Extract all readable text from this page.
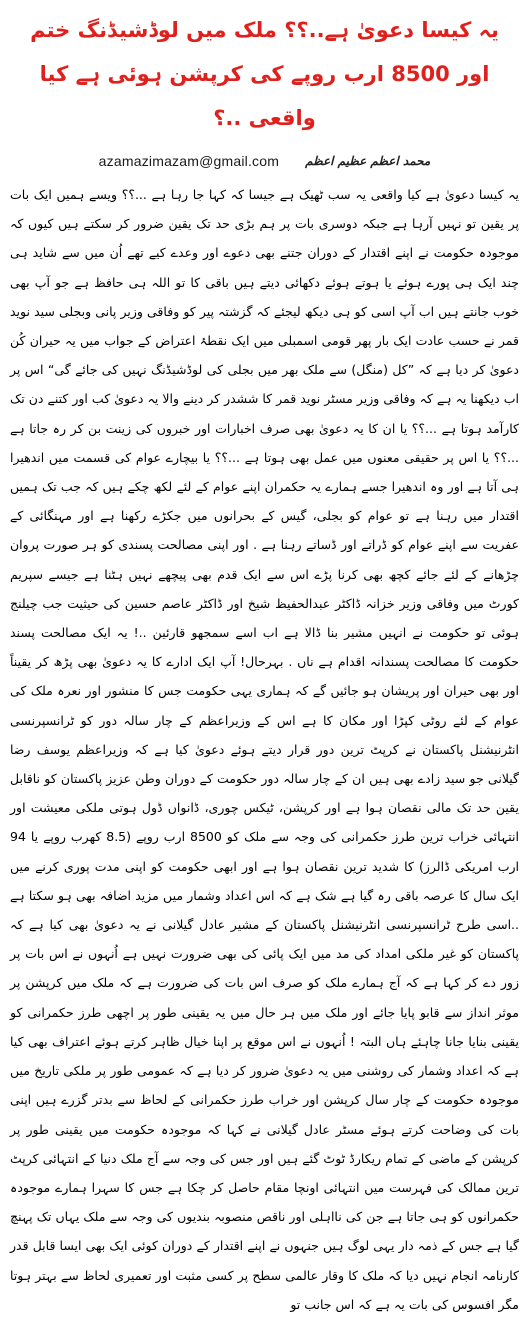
یہ کیسا دعویٰ ہے..؟؟ ملک میں لوڈشیڈنگ ختم اور 8500 ارب روپے کی کرپشن ہوئی ہے کیا واقعی ..؟
azamazimazam@gmail.com محمد اعظم عظیم اعظم

یہ کیسا دعویٰ ہے کیا واقعی یہ سب ٹھیک ہے جیسا کہ کہا جا رہا ہے ...؟؟ ویسے ہمیں ایک بات پر یقین تو نہیں آرہا ہے جبکہ دوسری بات پر ہم بڑی حد تک یقین ضرور کر سکتے ہیں کیوں کہ موجودہ حکومت نے اپنے اقتدار کے دوران جتنے بھی دعوے اور وعدے کیے تھے اُن میں سے شاید ہی چند ایک ہی پورے ہوئے یا ہوتے ہوئے دکھائی دیتے ہیں باقی کا تو اللہ ہی حافظ ہے جو آپ بھی خوب جانتے ہیں اب آپ اسی کو ہی دیکھ لیجئے کہ گزشتہ پیر کو وفاقی وزیر پانی وبجلی سید نوید قمر نے حسب عادت ایک بار پھر قومی اسمبلی میں ایک نقطۂ اعتراض کے جواب میں یہ حیران کُن دعویٰ کر دیا ہے کہ ”کل (منگل) سے ملک بھر میں بجلی کی لوڈشیڈنگ نہیں کی جائے گی“ اس پر اب دیکھنا یہ ہے کہ وفاقی وزیر مسٹر نوید قمر کا ششدر کر دینے والا یہ دعویٰ کب اور کتنے دن تک کارآمد ہوتا ہے ...؟؟ یا ان کا یہ دعویٰ بھی صرف اخبارات اور خبروں کی زینت بن کر رہ جاتا ہے ...؟؟ یا اس پر حقیقی معنوں میں عمل بھی ہوتا ہے ...؟؟ یا بیچارے عوام کی قسمت میں اندھیرا ہی آتا ہے اور وہ اندھیرا جسے ہمارے یہ حکمران اپنے عوام کے لئے لکھ چکے ہیں کہ جب تک ہمیں اقتدار میں رہنا ہے تو عوام کو بجلی، گیس کے بحرانوں میں جکڑے رکھنا ہے اور مہنگائی کے عفریت سے اپنے عوام کو ڈراتے اور ڈساتے رہنا ہے . اور اپنی مصالحت پسندی کو ہر صورت پروان چڑھانے کے لئے جائے کچھ بھی کرنا پڑے اس سے ایک قدم بھی پیچھے نہیں ہٹنا ہے جیسے سپریم کورٹ میں وفاقی وزیر خزانہ ڈاکٹر عبدالحفیظ شیخ اور ڈاکٹر عاصم حسین کی حیثیت جب چیلنج ہوئی تو حکومت نے انہیں مشیر بنا ڈالا ہے اب اسے سمجھو قارئین ..! یہ ایک مصالحت پسند حکومت کا مصالحت پسندانہ اقدام ہے ناں . بہرحال! آپ ایک ادارے کا یہ دعویٰ بھی پڑھ کر یقیناً اور بھی حیران اور پریشان ہو جائیں گے کہ ہماری یہی حکومت جس کا منشور اور نعرہ ملک کی عوام کے لئے روٹی کپڑا اور مکان کا ہے اس کے وزیراعظم کے چار سالہ دور کو ٹرانسپرنسی انٹرنیشنل پاکستان نے کرپٹ ترین دور قرار دیتے ہوئے دعویٰ کیا ہے کہ وزیراعظم یوسف رضا گیلانی جو سید زادے بھی ہیں ان کے چار سالہ دور حکومت کے دوران وطن عزیز پاکستان کو ناقابل یقین حد تک مالی نقصان ہوا ہے اور کرپشن، ٹیکس چوری، ڈانواں ڈول ہوتی ملکی معیشت اور انتہائی خراب ترین طرز حکمرانی کی وجہ سے ملک کو 8500 ارب روپے (8.5 کھرب روپے یا 94 ارب امریکی ڈالرز) کا شدید ترین نقصان ہوا ہے اور ابھی حکومت کو اپنی مدت پوری کرنے میں ایک سال کا عرصہ باقی رہ گیا ہے شک ہے کہ اس اعداد وشمار میں مزید اضافہ بھی ہو سکتا ہے ..اسی طرح ٹرانسپرنسی انٹرنیشنل پاکستان کے مشیر عادل گیلانی نے یہ دعویٰ بھی کیا ہے کہ پاکستان کو غیر ملکی امداد کی مد میں ایک پائی کی بھی ضرورت نہیں ہے اُنہوں نے اس بات پر زور دے کر کہا ہے کہ آج ہمارے ملک کو صرف اس بات کی ضرورت ہے کہ ملک میں کرپشن پر موثر انداز سے قابو پایا جائے اور ملک میں ہر حال میں یہ یقینی طور پر اچھی طرز حکمرانی کو یقینی بنایا جانا چاہئے ہاں البتہ ! اُنہوں نے اس موقع پر اپنا خیال ظاہر کرتے ہوئے اعتراف بھی کیا ہے کہ اعداد وشمار کی روشنی میں یہ دعویٰ ضرور کر دیا ہے کہ عمومی طور پر ملکی تاریخ میں موجودہ حکومت کے چار سال کرپشن اور خراب طرز حکمرانی کے لحاظ سے بدتر گزرے ہیں اپنی بات کی وضاحت کرتے ہوئے مسٹر عادل گیلانی نے کہا کہ موجودہ حکومت میں یقینی طور پر کرپشن کے ماضی کے تمام ریکارڈ ٹوٹ گئے ہیں اور جس کی وجہ سے آج ملک دنیا کے انتہائی کرپٹ ترین ممالک کی فہرست میں انتہائی اونچا مقام حاصل کر چکا ہے جس کا سہرا ہمارے موجودہ حکمرانوں کو ہی جاتا ہے جن کی نااہلی اور ناقص منصوبہ بندیوں کی وجہ سے ملک یہاں تک پہنچ گیا ہے جس کے ذمہ دار یہی لوگ ہیں جنہوں نے اپنے اقتدار کے دوران کوئی ایک بھی ایسا قابل قدر کارنامہ انجام نہیں دیا کہ ملک کا وقار عالمی سطح پر کسی مثبت اور تعمیری لحاظ سے بہتر ہوتا مگر افسوس کی بات یہ ہے کہ اس جانب تو
